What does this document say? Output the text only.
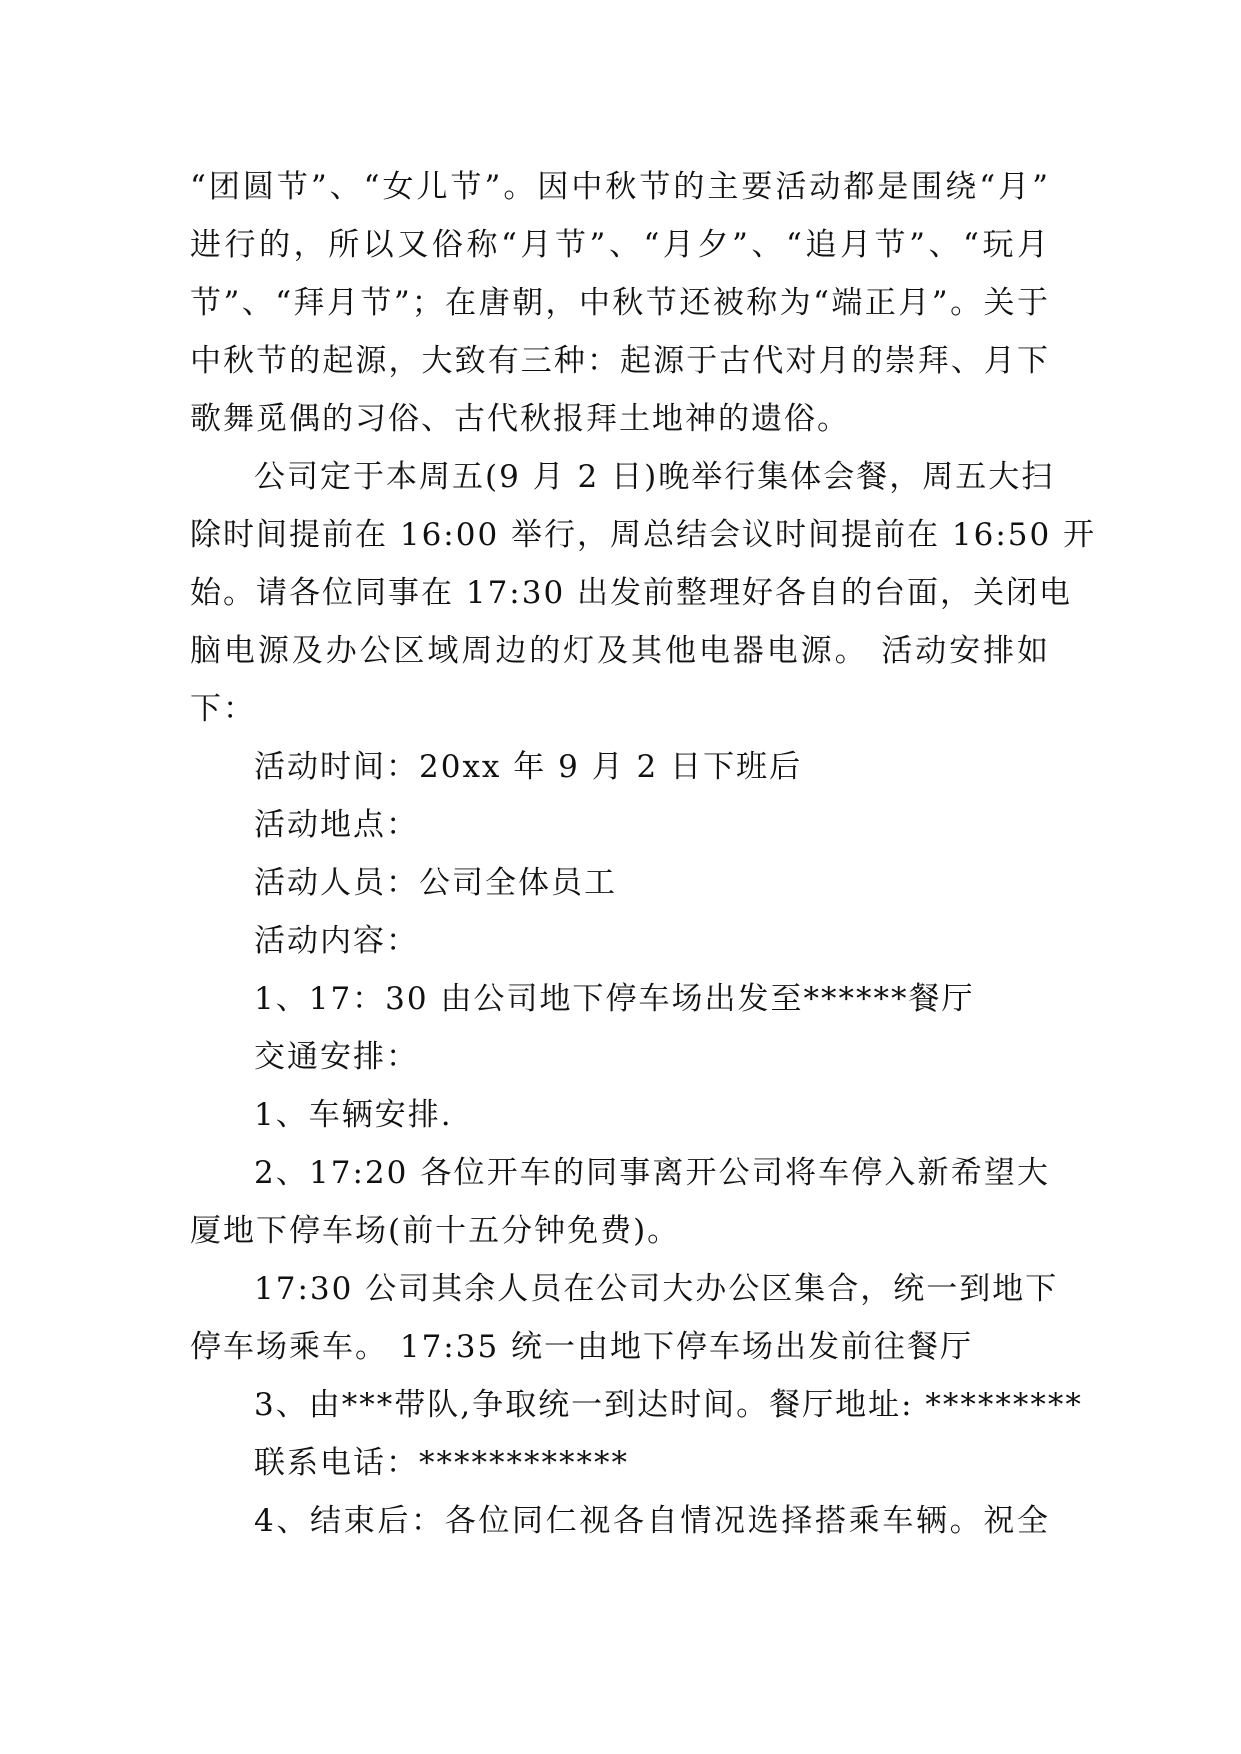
“团圆节”、“女儿节”。因中秋节的主要活动都是围绕“月”
进行的，所以又俗称“月节”、“月夕”、“追月节”、“玩月
节”、“拜月节”；在唐朝，中秋节还被称为“端正月”。关于
中秋节的起源，大致有三种：起源于古代对月的崇拜、月下
歌舞觅偶的习俗、古代秋报拜土地神的遗俗。
公司定于本周五(9 月 2 日)晚举行集体会餐，周五大扫
除时间提前在 16:00 举行，周总结会议时间提前在 16:50 开
始。请各位同事在 17:30 出发前整理好各自的台面，关闭电
脑电源及办公区域周边的灯及其他电器电源。 活动安排如
下：
活动时间：20xx 年 9 月 2 日下班后
活动地点：
活动人员：公司全体员工
活动内容：
1、17：30 由公司地下停车场出发至******餐厅
交通安排：
1、车辆安排.
2、17:20 各位开车的同事离开公司将车停入新希望大
厦地下停车场(前十五分钟免费)。
17:30 公司其余人员在公司大办公区集合，统一到地下
停车场乘车。 17:35 统一由地下停车场出发前往餐厅
3、由***带队,争取统一到达时间。餐厅地址: *********
联系电话：************
4、结束后：各位同仁视各自情况选择搭乘车辆。祝全
